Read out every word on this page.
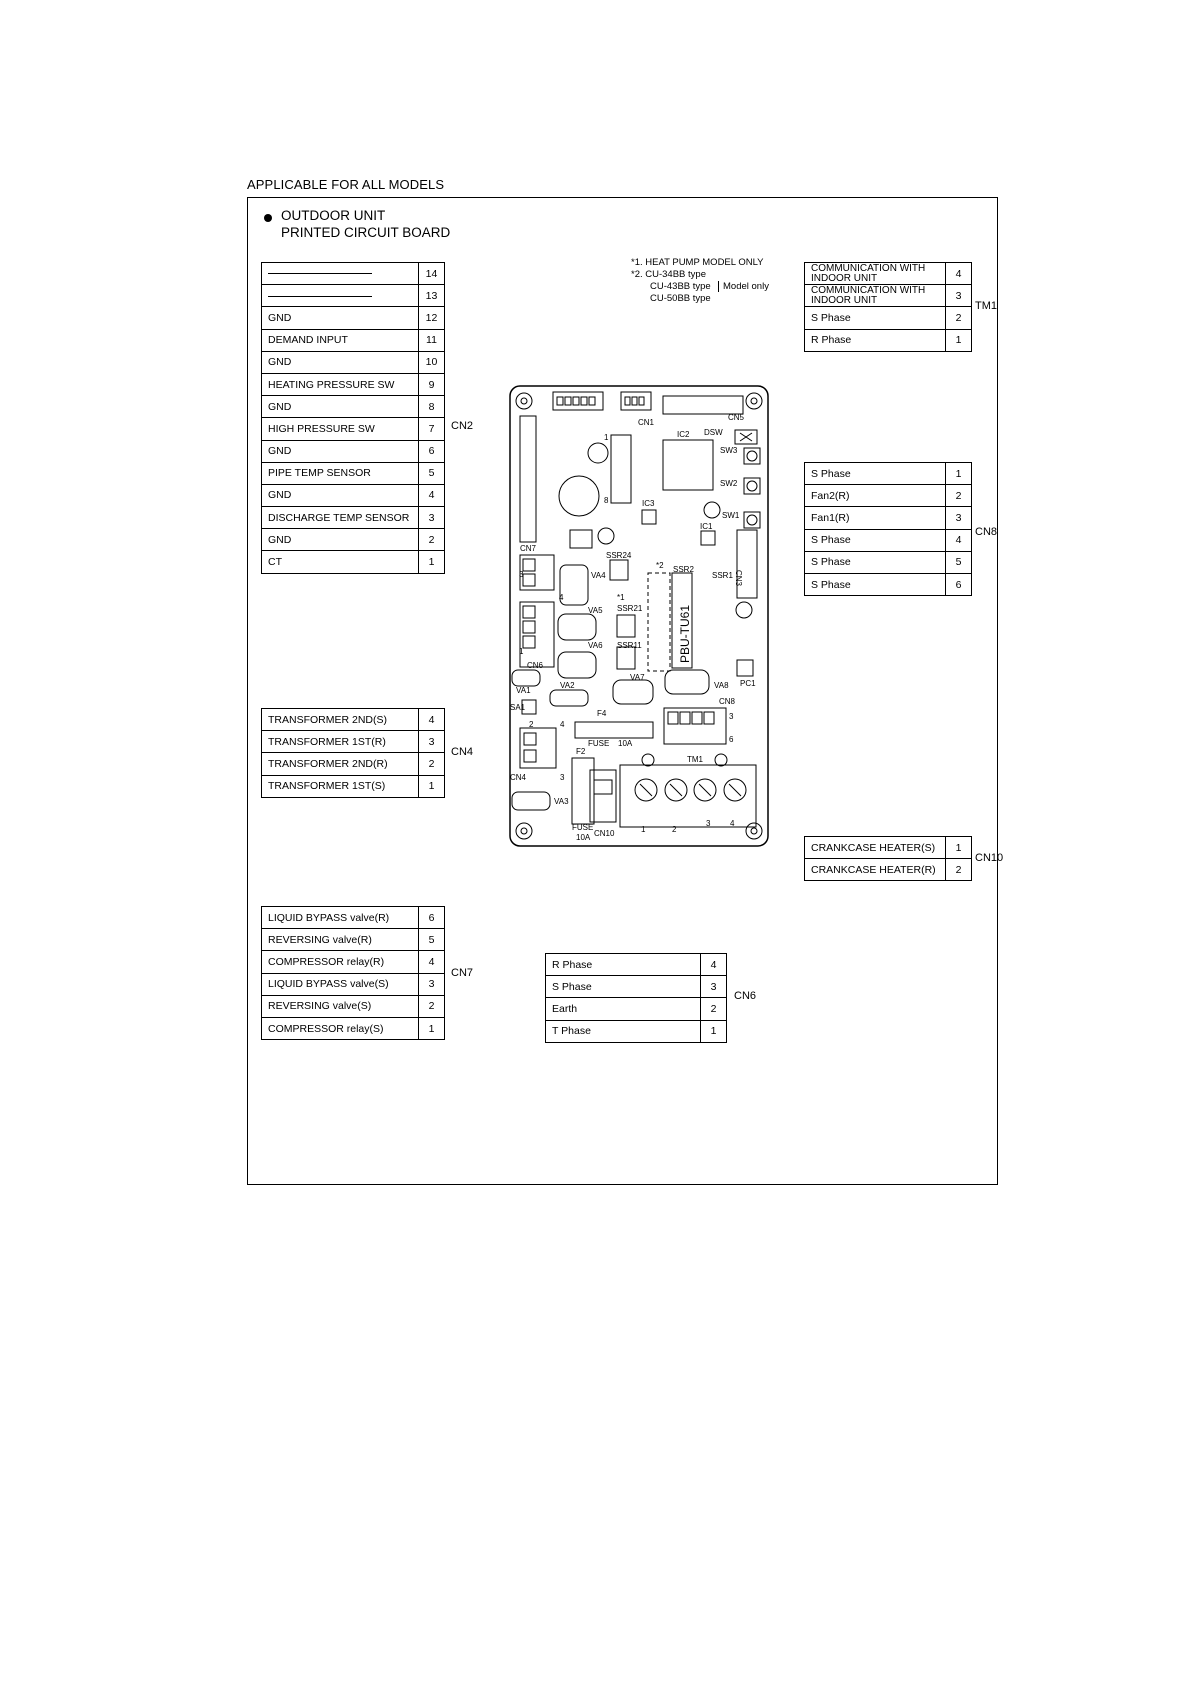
APPLICABLE FOR ALL MODELS
OUTDOOR UNIT
PRINTED CIRCUIT BOARD
*1. HEAT PUMP MODEL ONLY
*2. CU-34BB type
CU-43BB type
CU-50BB type
Model only
	14
	13
GND	12
DEMAND INPUT	11
GND	10
HEATING PRESSURE SW	9
GND	8
HIGH PRESSURE SW	7
GND	6
PIPE TEMP SENSOR	5
GND	4
DISCHARGE TEMP SENSOR	3
GND	2
CT	1
CN2
TRANSFORMER 2ND(S)	4
TRANSFORMER 1ST(R)	3
TRANSFORMER 2ND(R)	2
TRANSFORMER 1ST(S)	1
CN4
LIQUID BYPASS valve(R)	6
REVERSING valve(R)	5
COMPRESSOR relay(R)	4
LIQUID BYPASS valve(S)	3
REVERSING valve(S)	2
COMPRESSOR relay(S)	1
CN7
R Phase	4
S Phase	3
Earth	2
T Phase	1
CN6
COMMUNICATION WITH
INDOOR UNIT	4

COMMUNICATION WITH
INDOOR UNIT	3
S Phase	2
R Phase	1
TM1
S Phase	1
Fan2(R)	2
Fan1(R)	3
S Phase	4
S Phase	5
S Phase	6
CN8
CRANKCASE HEATER(S)	1
CRANKCASE HEATER(R)	2
CN10
CN1
CN5
IC2 DSW
SW3
SW2
SW1
IC3
IC1
CN7
SSR24
*2 SSR2
SSR1
VA4
*1
VA5 SSR21
VA6 SSR11
CN6
VA7
VA8 PC1
VA1
VA2
SA1
CN8
F4
FUSE 10A
F2
TM1
CN4
VA3
FUSE
10A CN10	1	2
3 4
3
1
4
2	4
3
3
6
8
1
PBU-TU61
CN3
